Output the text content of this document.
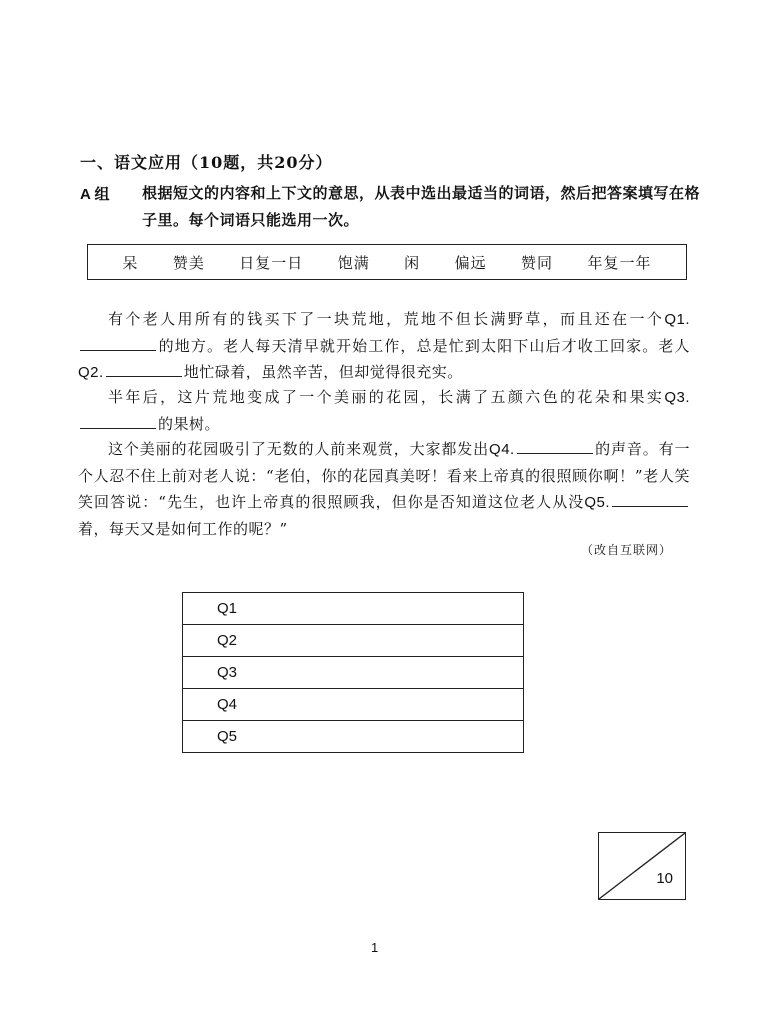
一、语文应用（10题，共20分）
A 组 根据短文的内容和上下文的意思，从表中选出最适当的词语，然后把答案填写在格子里。每个词语只能选用一次。
呆 赞美 日复一日 饱满 闲 偏远 赞同 年复一年
有个老人用所有的钱买下了一块荒地，荒地不但长满野草，而且还在一个Q1.的地方。老人每天清早就开始工作，总是忙到太阳下山后才收工回家。老人Q2.	地忙碌着，虽然辛苦，但却觉得很充实。
半年后，这片荒地变成了一个美丽的花园，长满了五颜六色的花朵和果实Q3.的果树。
这个美丽的花园吸引了无数的人前来观赏，大家都发出Q4.	的声音。有一个人忍不住上前对老人说：“老伯，你的花园真美呀！看来上帝真的很照顾你啊！”老人笑笑回答说：“先生，也许上帝真的很照顾我，但你是否知道这位老人从没Q5.着，每天又是如何工作的呢？”
（改自互联网）
Q1
Q2
Q3
Q4
Q5
10
1
